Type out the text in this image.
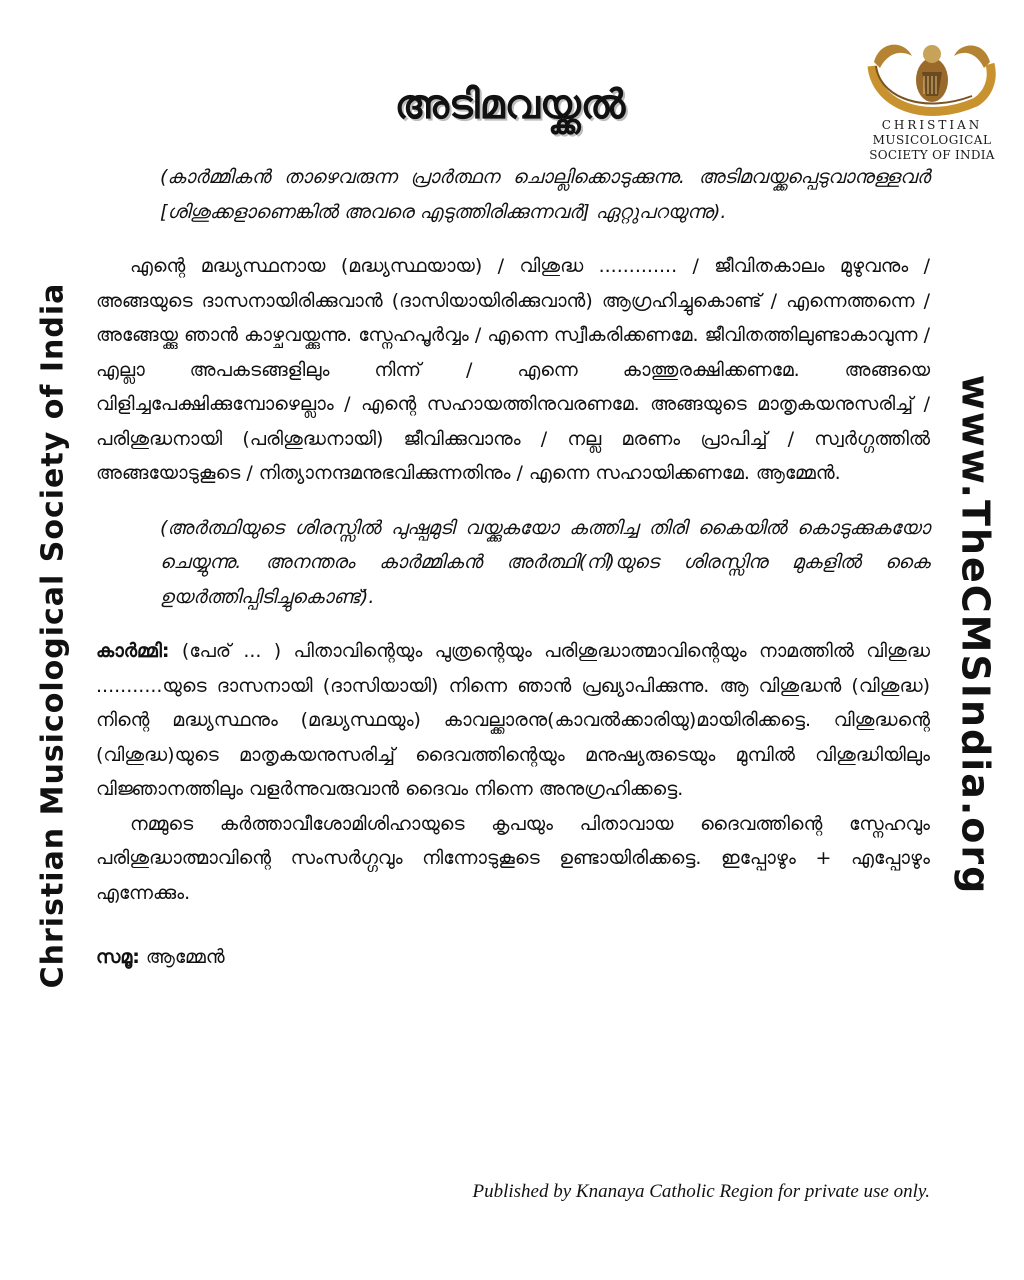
Christian Musicological Society of India	www.TheCMSIndia.org
CHRISTIAN
MUSICOLOGICAL
SOCIETY OF INDIA
അടിമവയ്ക്കൽ

(കാർമ്മികൻ താഴെവരുന്ന പ്രാർത്ഥന ചൊല്ലിക്കൊടുക്കുന്നു. അടിമവയ്ക്കപ്പെടുവാനുള്ളവർ [ശിശുക്കളാണെങ്കിൽ അവരെ എടുത്തിരിക്കുന്നവർ] ഏറ്റുപറയുന്നു).

എന്റെ മദ്ധ്യസ്ഥനായ (മദ്ധ്യസ്ഥയായ) / വിശുദ്ധ ............. / ജീവിതകാലം മുഴുവനും / അങ്ങയുടെ ദാസനായിരിക്കുവാൻ (ദാസിയായിരിക്കുവാൻ) ആഗ്രഹിച്ചുകൊണ്ട് / എന്നെത്തന്നെ / അങ്ങേയ്ക്കു ഞാൻ കാഴ്ചവയ്ക്കുന്നു. സ്നേഹപൂർവ്വം / എന്നെ സ്വീകരിക്കണമേ. ജീവിതത്തിലുണ്ടാകാവുന്ന / എല്ലാ അപകടങ്ങളിലും നിന്ന് / എന്നെ കാത്തുരക്ഷിക്കണമേ. അങ്ങയെ വിളിച്ചപേക്ഷിക്കുമ്പോഴെല്ലാം / എന്റെ സഹായത്തിനുവരണമേ. അങ്ങയുടെ മാതൃകയനുസരിച്ച് / പരിശുദ്ധനായി (പരിശുദ്ധനായി) ജീവിക്കുവാനും / നല്ല മരണം പ്രാപിച്ച് / സ്വർഗ്ഗത്തിൽ അങ്ങയോടുകൂടെ / നിത്യാനന്ദമനുഭവിക്കുന്നതിനും / എന്നെ സഹായിക്കണമേ. ആമ്മേൻ.

(അർത്ഥിയുടെ ശിരസ്സിൽ പുഷ്പമുടി വയ്ക്കുകയോ കത്തിച്ച തിരി കൈയിൽ കൊടുക്കുകയോ ചെയ്യുന്നു. അനന്തരം കാർമ്മികൻ അർത്ഥി(നി)യുടെ ശിരസ്സിനു മുകളിൽ കൈ ഉയർത്തിപ്പിടിച്ചുകൊണ്ട്).

കാർമ്മി: (പേര് ... ) പിതാവിന്റെയും പുത്രന്റെയും പരിശുദ്ധാത്മാവിന്റെയും നാമത്തിൽ വിശുദ്ധ ...........യുടെ ദാസനായി (ദാസിയായി) നിന്നെ ഞാൻ പ്രഖ്യാപിക്കുന്നു. ആ വിശുദ്ധൻ (വിശുദ്ധ) നിന്റെ മദ്ധ്യസ്ഥനും (മദ്ധ്യസ്ഥയും) കാവല്ക്കാരനു(കാവൽക്കാരിയു)മായിരിക്കട്ടെ. വിശുദ്ധന്റെ (വിശുദ്ധ)യുടെ മാതൃകയനുസരിച്ച് ദൈവത്തിന്റെയും മനുഷ്യരുടെയും മുമ്പിൽ വിശുദ്ധിയിലും വിജ്ഞാനത്തിലും വളർന്നുവരുവാൻ ദൈവം നിന്നെ അനുഗ്രഹിക്കട്ടെ.

നമ്മുടെ കർത്താവീശോമിശിഹായുടെ കൃപയും പിതാവായ ദൈവത്തിന്റെ സ്നേഹവും പരിശുദ്ധാത്മാവിന്റെ സംസർഗ്ഗവും നിന്നോടുകൂടെ ഉണ്ടായിരിക്കട്ടെ. ഇപ്പോഴും + എപ്പോഴും എന്നേക്കും.

സമൂ: ആമ്മേൻ

Published by Knanaya Catholic Region for private use only.
